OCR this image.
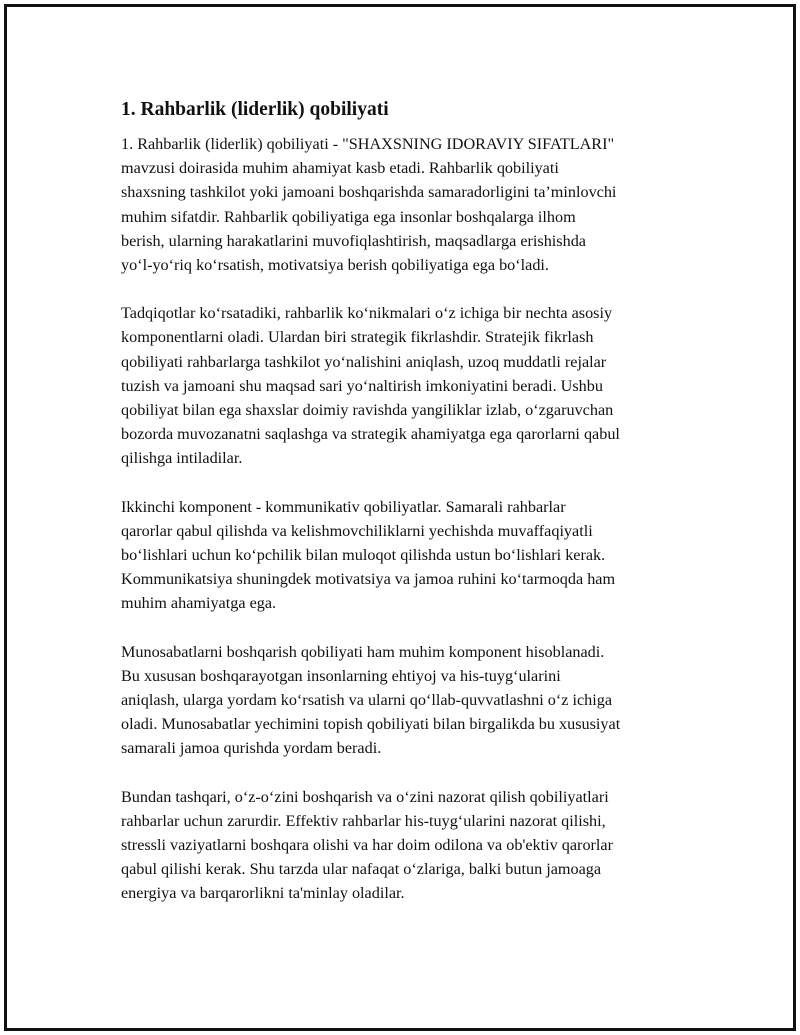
1. Rahbarlik (liderlik) qobiliyati

1. Rahbarlik (liderlik) qobiliyati - "SHAXSNING IDORAVIY SIFATLARI"
mavzusi doirasida muhim ahamiyat kasb etadi. Rahbarlik qobiliyati
shaxsning tashkilot yoki jamoani boshqarishda samaradorligini ta’minlovchi
muhim sifatdir. Rahbarlik qobiliyatiga ega insonlar boshqalarga ilhom
berish, ularning harakatlarini muvofiqlashtirish, maqsadlarga erishishda
yo‘l-yo‘riq ko‘rsatish, motivatsiya berish qobiliyatiga ega bo‘ladi.

Tadqiqotlar ko‘rsatadiki, rahbarlik ko‘nikmalari o‘z ichiga bir nechta asosiy
komponentlarni oladi. Ulardan biri strategik fikrlashdir. Stratejik fikrlash
qobiliyati rahbarlarga tashkilot yo‘nalishini aniqlash, uzoq muddatli rejalar
tuzish va jamoani shu maqsad sari yo‘naltirish imkoniyatini beradi. Ushbu
qobiliyat bilan ega shaxslar doimiy ravishda yangiliklar izlab, o‘zgaruvchan
bozorda muvozanatni saqlashga va strategik ahamiyatga ega qarorlarni qabul
qilishga intiladilar.

Ikkinchi komponent - kommunikativ qobiliyatlar. Samarali rahbarlar
qarorlar qabul qilishda va kelishmovchiliklarni yechishda muvaffaqiyatli
bo‘lishlari uchun ko‘pchilik bilan muloqot qilishda ustun bo‘lishlari kerak.
Kommunikatsiya shuningdek motivatsiya va jamoa ruhini ko‘tarmoqda ham
muhim ahamiyatga ega.

Munosabatlarni boshqarish qobiliyati ham muhim komponent hisoblanadi.
Bu xususan boshqarayotgan insonlarning ehtiyoj va his-tuyg‘ularini
aniqlash, ularga yordam ko‘rsatish va ularni qo‘llab-quvvatlashni o‘z ichiga
oladi. Munosabatlar yechimini topish qobiliyati bilan birgalikda bu xususiyat
samarali jamoa qurishda yordam beradi.

Bundan tashqari, o‘z-o‘zini boshqarish va o‘zini nazorat qilish qobiliyatlari
rahbarlar uchun zarurdir. Effektiv rahbarlar his-tuyg‘ularini nazorat qilishi,
stressli vaziyatlarni boshqara olishi va har doim odilona va ob'ektiv qarorlar
qabul qilishi kerak. Shu tarzda ular nafaqat o‘zlariga, balki butun jamoaga
energiya va barqarorlikni ta'minlay oladilar.
